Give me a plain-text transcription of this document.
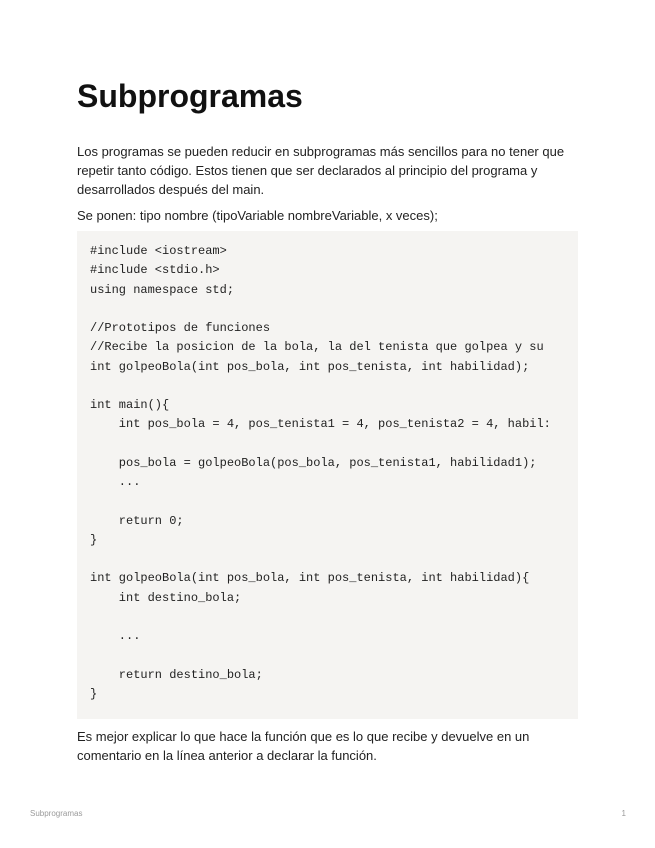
Subprogramas

Los programas se pueden reducir en subprogramas más sencillos para no tener que repetir tanto código. Estos tienen que ser declarados al principio del programa y desarrollados después del main.

Se ponen: tipo nombre (tipoVariable nombreVariable, x veces);

#include <iostream>
#include <stdio.h>
using namespace std;
//Prototipos de funciones
//Recibe la posicion de la bola, la del tenista que golpea y su
int golpeoBola(int pos_bola, int pos_tenista, int habilidad);
int main(){
int pos_bola = 4, pos_tenista1 = 4, pos_tenista2 = 4, habil:
pos_bola = golpeoBola(pos_bola, pos_tenista1, habilidad1);
...
return 0;
}
int golpeoBola(int pos_bola, int pos_tenista, int habilidad){
int destino_bola;
...
return destino_bola;
}

Es mejor explicar lo que hace la función que es lo que recibe y devuelve en un comentario en la línea anterior a declarar la función.

Subprogramas	1
